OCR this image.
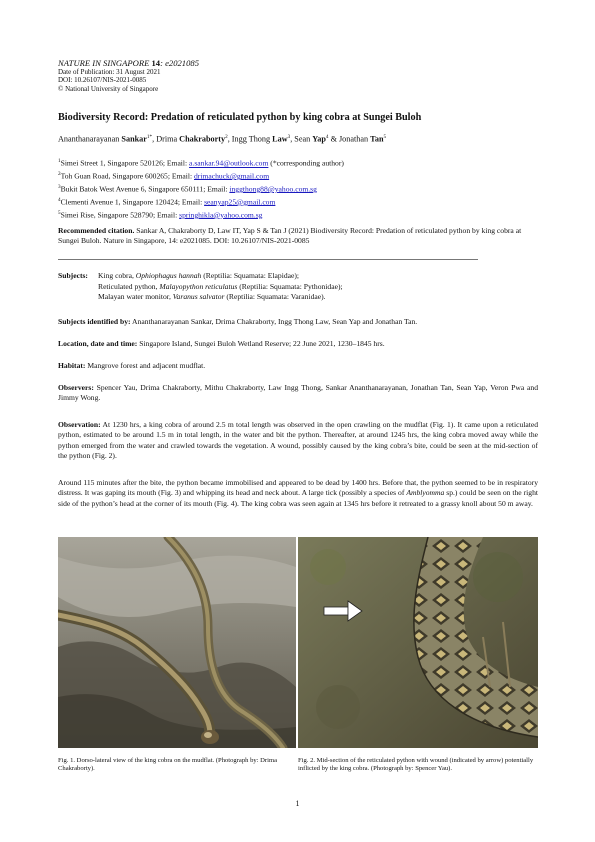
NATURE IN SINGAPORE 14: e2021085
Date of Publication: 31 August 2021
DOI: 10.26107/NIS-2021-0085
© National University of Singapore
Biodiversity Record: Predation of reticulated python by king cobra at Sungei Buloh
Ananthanarayanan Sankar$^{1*}$, Drima Chakraborty$^2$, Ingg Thong Law$^3$, Sean Yap$^4$ & Jonathan Tan$^5$
$^1$Simei Street 1, Singapore 520126; Email: a.sankar.94@outlook.com (*corresponding author)
$^2$Toh Guan Road, Singapore 600265; Email: drimachuck@gmail.com
$^3$Bukit Batok West Avenue 6, Singapore 650111; Email: inggthong88@yahoo.com.sg
$^4$Clementi Avenue 1, Singapore 120424; Email: seanyap25@gmail.com
$^5$Simei Rise, Singapore 528790; Email: springhikla@yahoo.com.sg
Recommended citation. Sankar A, Chakraborty D, Law IT, Yap S & Tan J (2021) Biodiversity Record: Predation of reticulated python by king cobra at Sungei Buloh. Nature in Singapore, 14: e2021085. DOI: 10.26107/NIS-2021-0085
Subjects:	King cobra, Ophiophagus hannah (Reptilia: Squamata: Elapidae);
Reticulated python, Malayopython reticulatus (Reptilia: Squamata: Pythonidae);
Malayan water monitor, Varanus salvator (Reptilia: Squamata: Varanidae).
Subjects identified by: Ananthanarayanan Sankar, Drima Chakraborty, Ingg Thong Law, Sean Yap and Jonathan Tan.
Location, date and time: Singapore Island, Sungei Buloh Wetland Reserve; 22 June 2021, 1230–1845 hrs.
Habitat: Mangrove forest and adjacent mudflat.
Observers: Spencer Yau, Drima Chakraborty, Mithu Chakraborty, Law Ingg Thong, Sankar Ananthanarayanan, Jonathan Tan, Sean Yap, Veron Pwa and Jimmy Wong.
Observation: At 1230 hrs, a king cobra of around 2.5 m total length was observed in the open crawling on the mudflat (Fig. 1). It came upon a reticulated python, estimated to be around 1.5 m in total length, in the water and bit the python. Thereafter, at around 1245 hrs, the king cobra moved away while the python emerged from the water and crawled towards the vegetation. A wound, possibly caused by the king cobra’s bite, could be seen at the mid-section of the python (Fig. 2).
Around 115 minutes after the bite, the python became immobilised and appeared to be dead by 1400 hrs. Before that, the python seemed to be in respiratory distress. It was gaping its mouth (Fig. 3) and whipping its head and neck about. A large tick (possibly a species of Amblyomma sp.) could be seen on the right side of the python’s head at the corner of its mouth (Fig. 4). The king cobra was seen again at 1345 hrs before it retreated to a grassy knoll about 50 m away.
Fig. 1. Dorso-lateral view of the king cobra on the mudflat. (Photograph by: Drima Chakraborty).
Fig. 2. Mid-section of the reticulated python with wound (indicated by arrow) potentially inflicted by the king cobra. (Photograph by: Spencer Yau).
1
